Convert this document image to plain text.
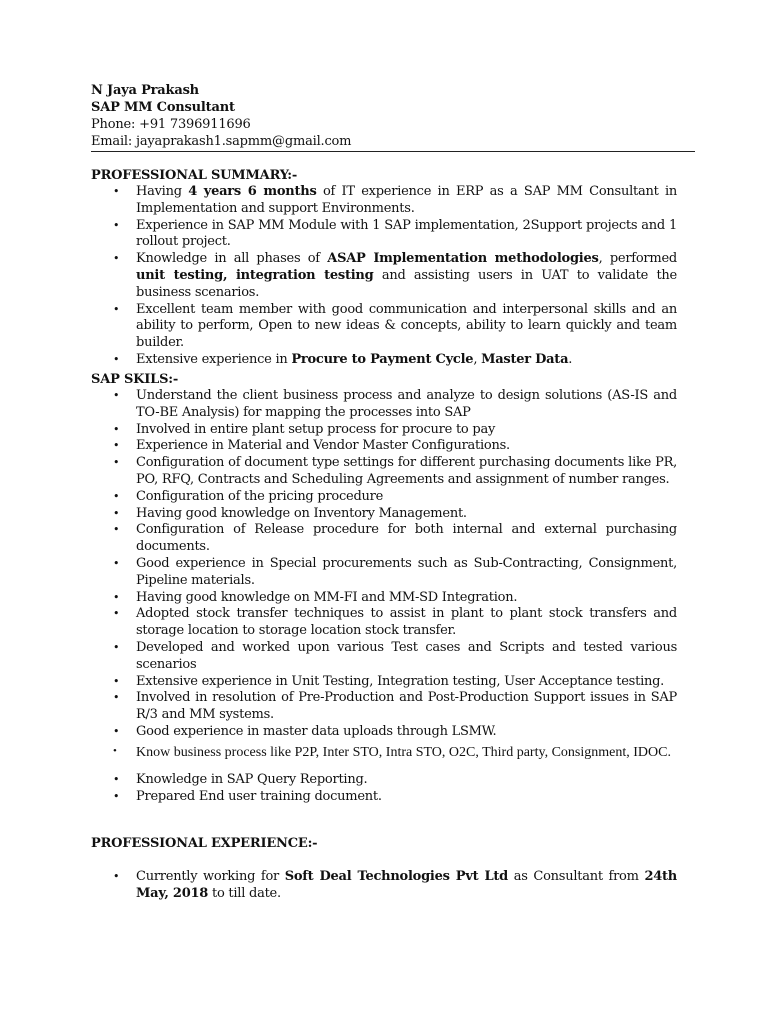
N Jaya Prakash
SAP MM Consultant
Phone: +91 7396911696
Email: jayaprakash1.sapmm@gmail.com
PROFESSIONAL SUMMARY:-
• Having 4 years 6 months of IT experience in ERP as a SAP MM Consultant in Implementation and support Environments.
• Experience in SAP MM Module with 1 SAP implementation, 2Support projects and 1 rollout project.
• Knowledge in all phases of ASAP Implementation methodologies, performed unit testing, integration testing and assisting users in UAT to validate the business scenarios.
• Excellent team member with good communication and interpersonal skills and an ability to perform, Open to new ideas & concepts, ability to learn quickly and team builder.
• Extensive experience in Procure to Payment Cycle, Master Data.
SAP SKILS:-
• Understand the client business process and analyze to design solutions (AS-IS and TO-BE Analysis) for mapping the processes into SAP
• Involved in entire plant setup process for procure to pay
• Experience in Material and Vendor Master Configurations.
• Configuration of document type settings for different purchasing documents like PR, PO, RFQ, Contracts and Scheduling Agreements and assignment of number ranges.
• Configuration of the pricing procedure
• Having good knowledge on Inventory Management.
• Configuration of Release procedure for both internal and external purchasing documents.
• Good experience in Special procurements such as Sub-Contracting, Consignment, Pipeline materials.
• Having good knowledge on MM-FI and MM-SD Integration.
• Adopted stock transfer techniques to assist in plant to plant stock transfers and storage location to storage location stock transfer.
• Developed and worked upon various Test cases and Scripts and tested various scenarios
• Extensive experience in Unit Testing, Integration testing, User Acceptance testing.
• Involved in resolution of Pre-Production and Post-Production Support issues in SAP R/3 and MM systems.
• Good experience in master data uploads through LSMW.
• Know business process like P2P, Inter STO, Intra STO, O2C, Third party, Consignment, IDOC.
• Knowledge in SAP Query Reporting.
• Prepared End user training document.
PROFESSIONAL EXPERIENCE:-
• Currently working for Soft Deal Technologies Pvt Ltd as Consultant from 24th May, 2018 to till date.
